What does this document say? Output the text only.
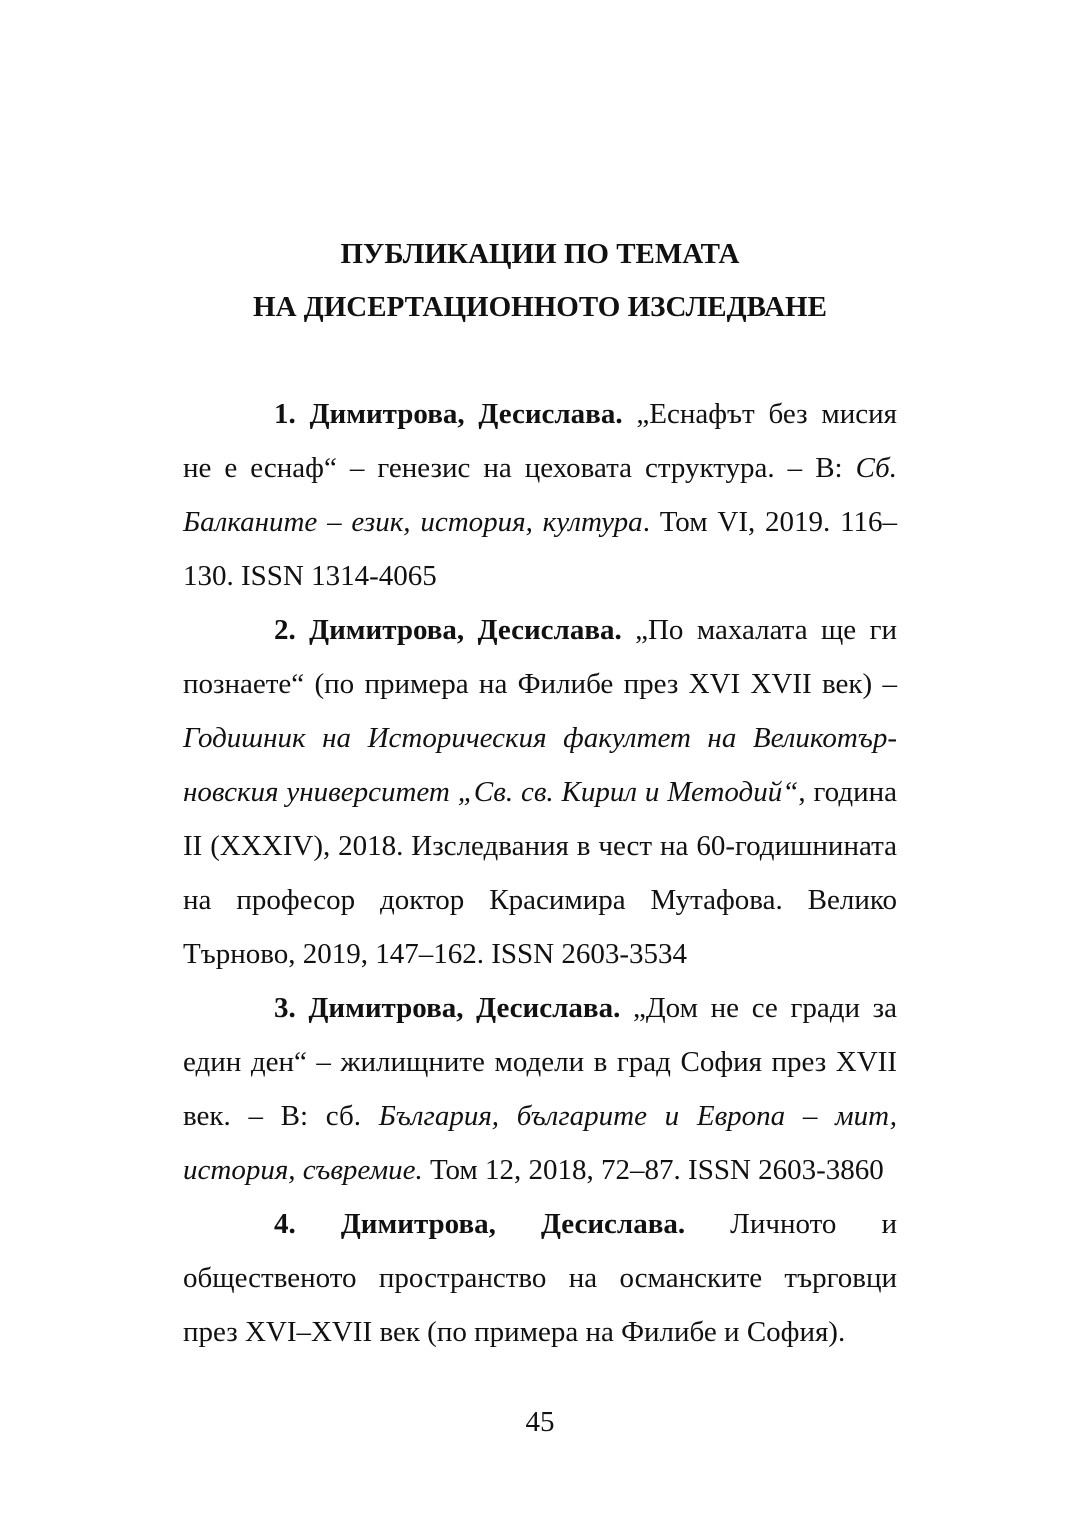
ПУБЛИКАЦИИ ПО ТЕМАТА
НА ДИСЕРТАЦИОННОТО ИЗСЛЕДВАНЕ

1. Димитрова, Десислава. „Еснафът без мисия не е еснаф“ – генезис на цеховата структура. – В: Сб. Балканите – език, история, култура. Том VI, 2019. 116–130. ISSN 1314-4065

2. Димитрова, Десислава. „По махалата ще ги познаете“ (по примера на Филибе през XVI XVII век) – Годишник на Историческия факултет на Великотърновския университет „Св. св. Кирил и Методий“, година II (XXXIV), 2018. Изследвания в чест на 60-годишнината на професор доктор Красимира Мутафова. Велико Търново, 2019, 147–162. ISSN 2603-3534

3. Димитрова, Десислава. „Дом не се гради за един ден“ – жилищните модели в град София през XVII век. – В: сб. България, българите и Европа – мит, история, съвремие. Том 12, 2018, 72–87. ISSN 2603-3860

4. Димитрова, Десислава. Личното и общественото пространство на османските търговци през XVI–XVII век (по примера на Филибе и София).

45
